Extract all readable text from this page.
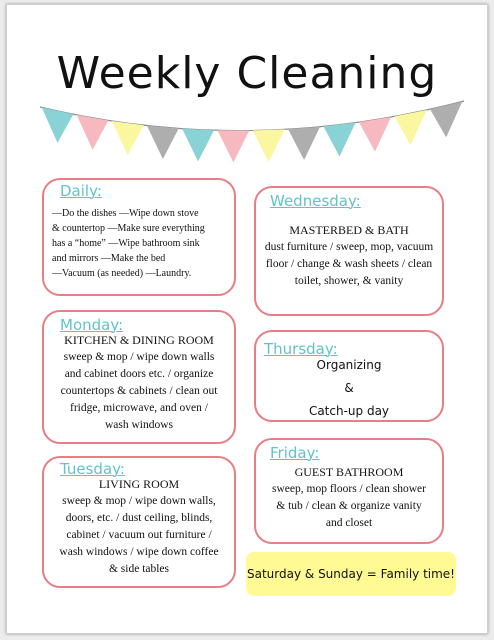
Weekly Cleaning
Daily:
—Do the dishes —Wipe down stove
& countertop —Make sure everything
has a “home” —Wipe bathroom sink
and mirrors —Make the bed
—Vacuum (as needed) —Laundry.
Monday:
KITCHEN & DINING ROOM
sweep & mop / wipe down walls
and cabinet doors etc. / organize
countertops & cabinets / clean out
fridge, microwave, and oven /
wash windows
Tuesday:
LIVING ROOM
sweep & mop / wipe down walls,
doors, etc. / dust ceiling, blinds,
cabinet / vacuum out furniture /
wash windows / wipe down coffee
& side tables
Wednesday:
MASTERBED & BATH
dust furniture / sweep, mop, vacuum
floor / change & wash sheets / clean
toilet, shower, & vanity
Thursday:
Organizing
&
Catch-up day
Friday:
GUEST BATHROOM
sweep, mop floors / clean shower
& tub / clean & organize vanity
and closet
Saturday & Sunday = Family time!
